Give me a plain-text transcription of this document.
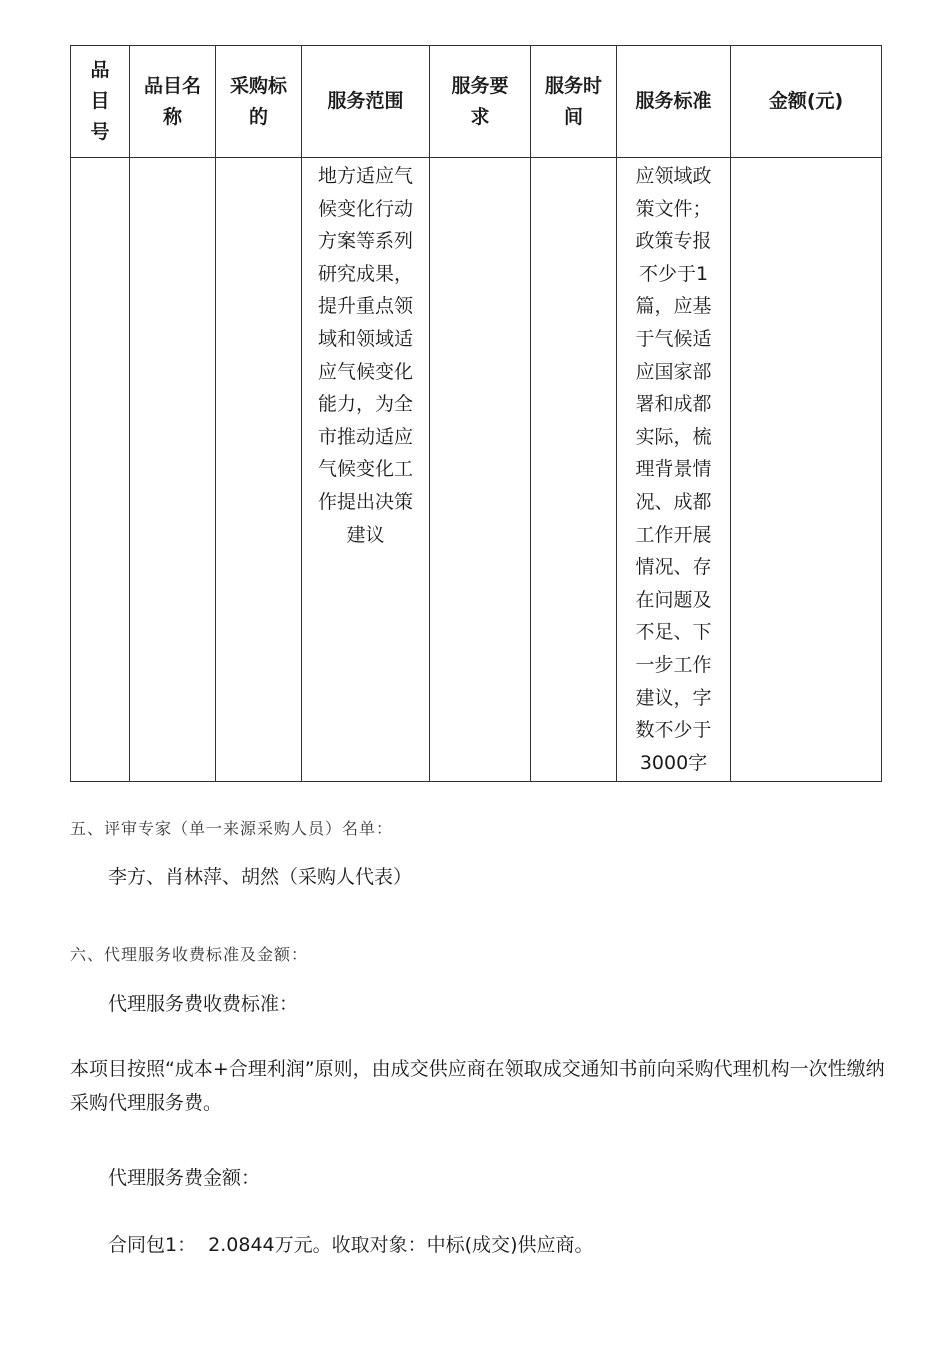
品目号	品目名称	采购标的	服务范围	服务要求	服务时间	服务标准	金额(元)

			地方适应气候变化行动方案等系列研究成果，提升重点领域和领域适应气候变化能力，为全市推动适应气候变化工作提出决策建议			应领域政策文件；政策专报不少于1篇，应基于气候适应国家部署和成都实际，梳理背景情况、成都工作开展情况、存在问题及不足、下一步工作建议，字数不少于3000字	

五、评审专家（单一来源采购人员）名单：
李方、肖林萍、胡然（采购人代表）
六、代理服务收费标准及金额：
代理服务费收费标准：
本项目按照“成本+合理利润”原则，由成交供应商在领取成交通知书前向采购代理机构一次性缴纳采购代理服务费。
代理服务费金额：
合同包1：  2.0844万元。收取对象：中标(成交)供应商。
